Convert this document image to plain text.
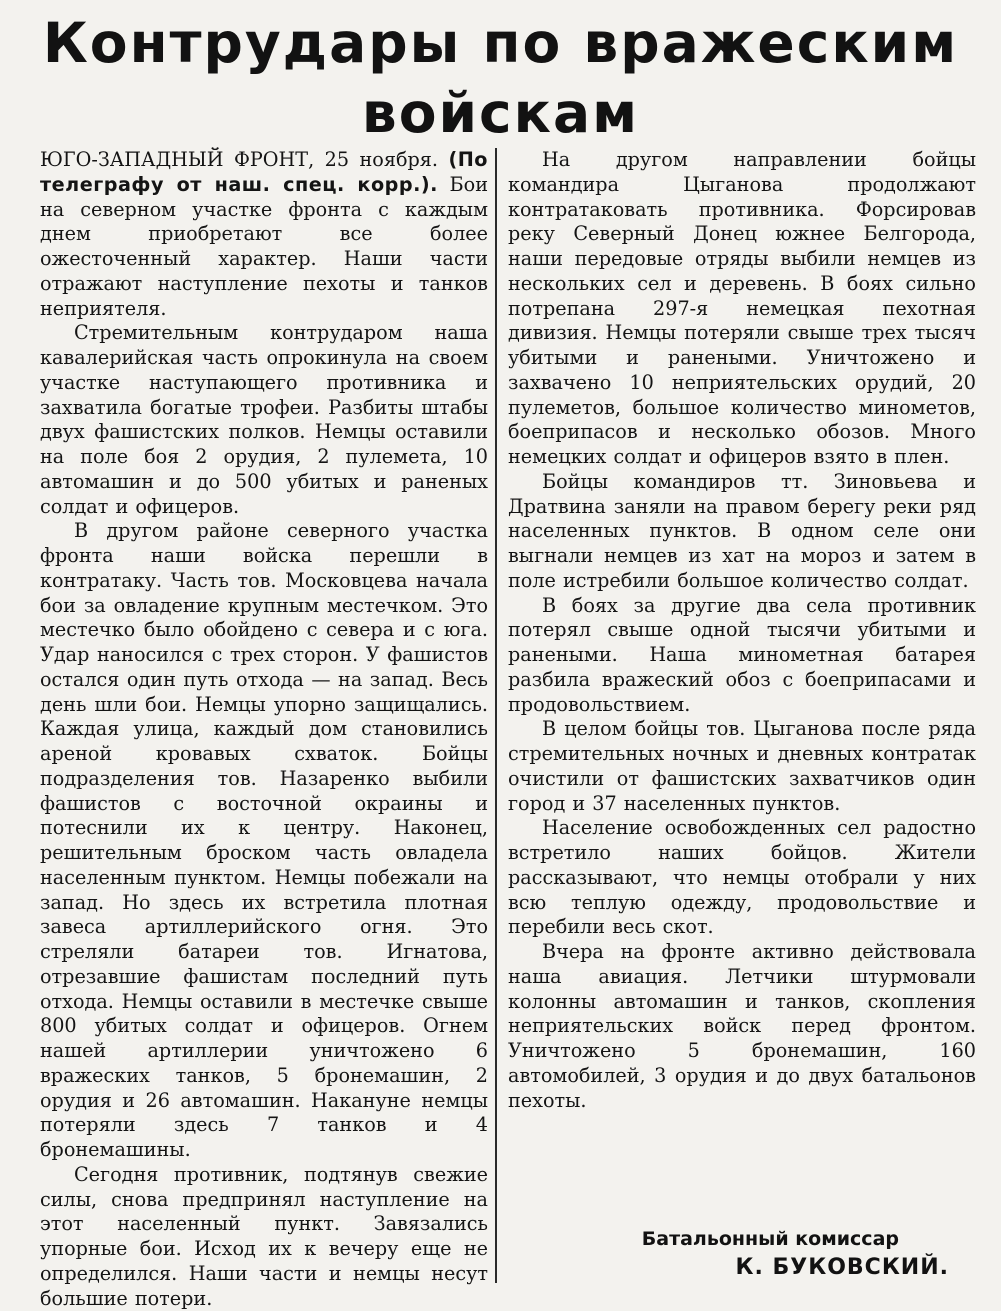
Контрудары по вражеским
войскам

ЮГО-ЗАПАДНЫЙ ФРОНТ, 25 ноября. (По телеграфу от наш. спец. корр.). Бои на северном участке фронта с каждым днем приобретают все более ожесточенный характер. Наши части отражают наступление пехоты и танков неприятеля.

Стремительным контрударом наша кавалерийская часть опрокинула на своем участке наступающего противника и захватила богатые трофеи. Разбиты штабы двух фашистских полков. Немцы оставили на поле боя 2 орудия, 2 пулемета, 10 автомашин и до 500 убитых и раненых солдат и офицеров.

В другом районе северного участка фронта наши войска перешли в контратаку. Часть тов. Московцева начала бои за овладение крупным местечком. Это местечко было обойдено с севера и с юга. Удар наносился с трех сторон. У фашистов остался один путь отхода — на запад. Весь день шли бои. Немцы упорно защищались. Каждая улица, каждый дом становились ареной кровавых схваток. Бойцы подразделения тов. Назаренко выбили фашистов с восточной окраины и потеснили их к центру. Наконец, решительным броском часть овладела населенным пунктом. Немцы побежали на запад. Но здесь их встретила плотная завеса артиллерийского огня. Это стреляли батареи тов. Игнатова, отрезавшие фашистам последний путь отхода. Немцы оставили в местечке свыше 800 убитых солдат и офицеров. Огнем нашей артиллерии уничтожено 6 вражеских танков, 5 бронемашин, 2 орудия и 26 автомашин. Накануне немцы потеряли здесь 7 танков и 4 бронемашины.

Сегодня противник, подтянув свежие силы, снова предпринял наступление на этот населенный пункт. Завязались упорные бои. Исход их к вечеру еще не определился. Наши части и немцы несут большие потери.

На другом направлении бойцы командира Цыганова продолжают контратаковать противника. Форсировав реку Северный Донец южнее Белгорода, наши передовые отряды выбили немцев из нескольких сел и деревень. В боях сильно потрепана 297-я немецкая пехотная дивизия. Немцы потеряли свыше трех тысяч убитыми и ранеными. Уничтожено и захвачено 10 неприятельских орудий, 20 пулеметов, большое количество минометов, боеприпасов и несколько обозов. Много немецких солдат и офицеров взято в плен.

Бойцы командиров тт. Зиновьева и Дратвина заняли на правом берегу реки ряд населенных пунктов. В одном селе они выгнали немцев из хат на мороз и затем в поле истребили большое количество солдат.

В боях за другие два села противник потерял свыше одной тысячи убитыми и ранеными. Наша минометная батарея разбила вражеский обоз с боеприпасами и продовольствием.

В целом бойцы тов. Цыганова после ряда стремительных ночных и дневных контратак очистили от фашистских захватчиков один город и 37 населенных пунктов.

Население освобожденных сел радостно встретило наших бойцов. Жители рассказывают, что немцы отобрали у них всю теплую одежду, продовольствие и перебили весь скот.

Вчера на фронте активно действовала наша авиация. Летчики штурмовали колонны автомашин и танков, скопления неприятельских войск перед фронтом. Уничтожено 5 бронемашин, 160 автомобилей, 3 орудия и до двух батальонов пехоты.

Батальонный комиссар
К. БУКОВСКИЙ.
